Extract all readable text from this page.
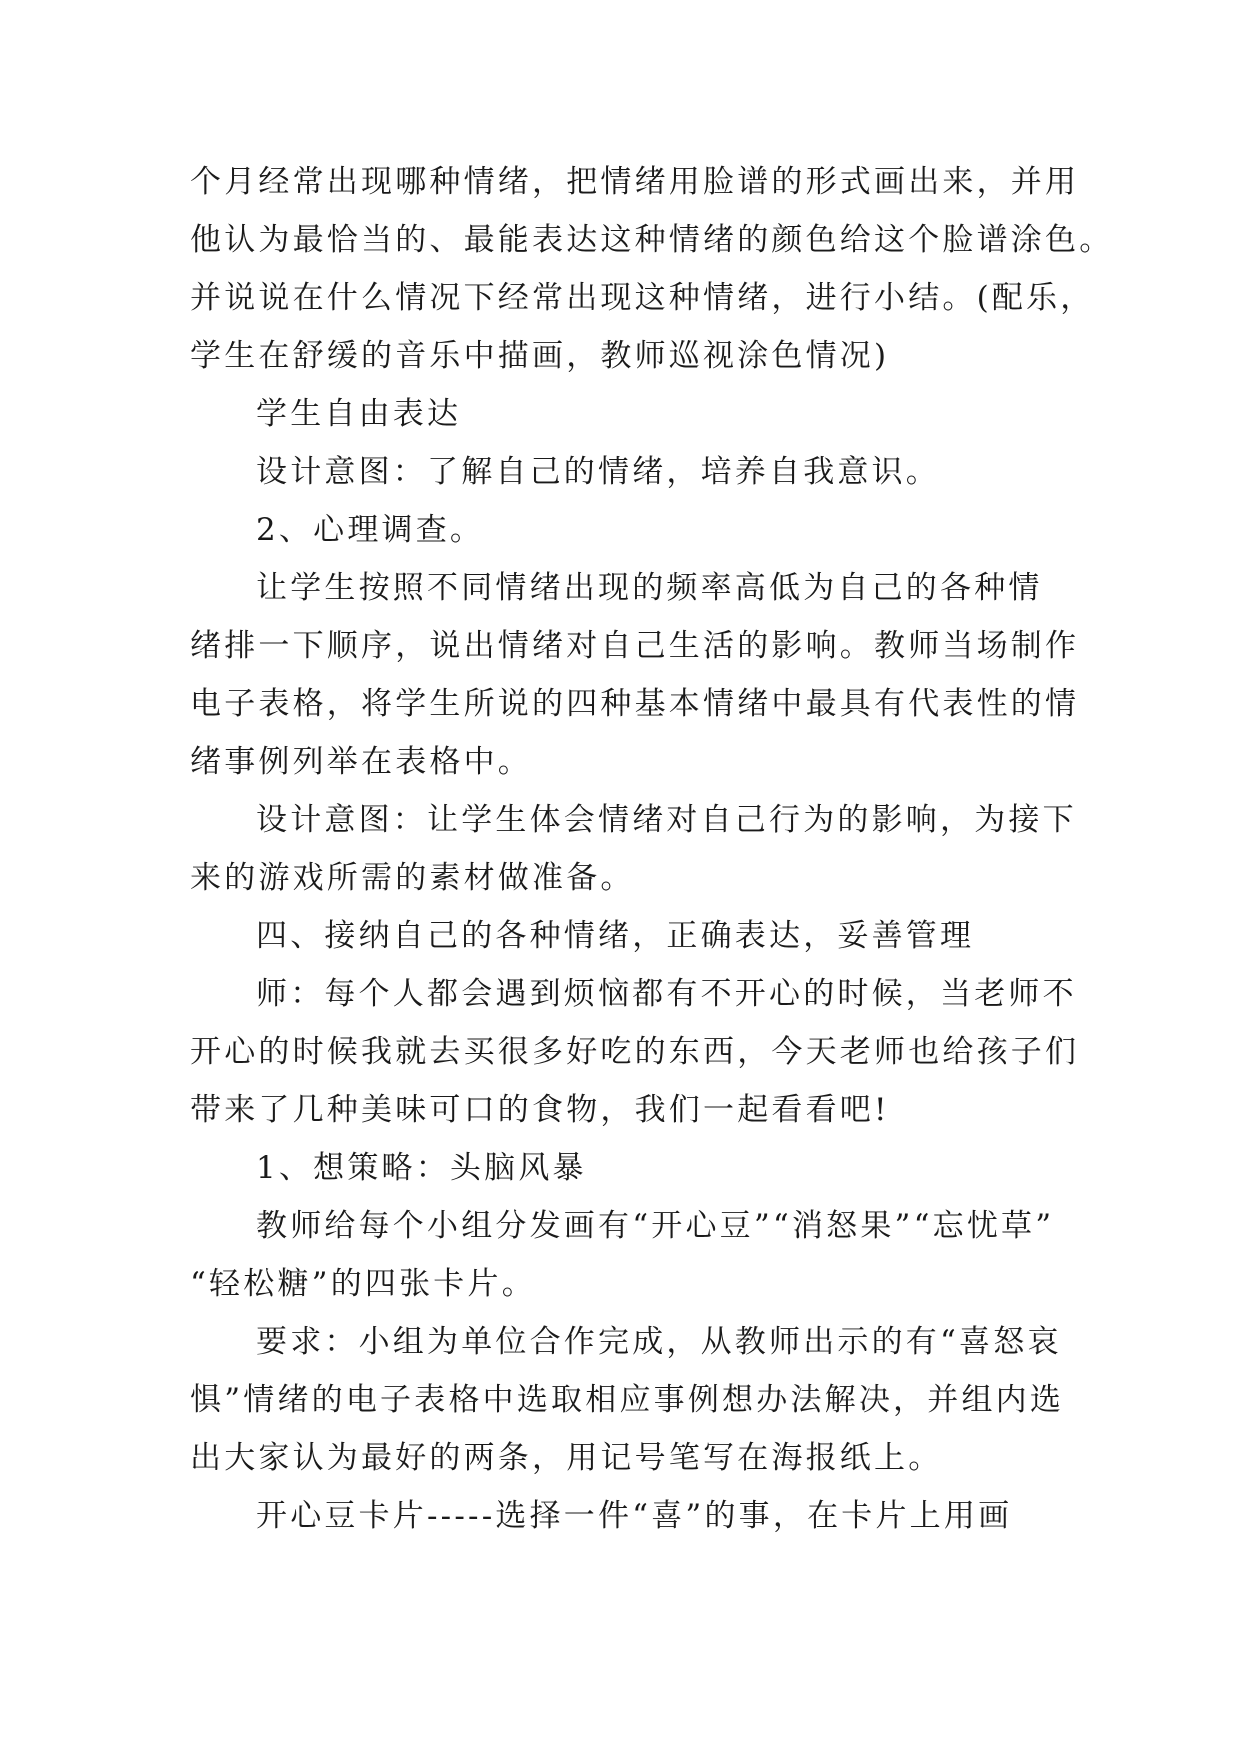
个月经常出现哪种情绪，把情绪用脸谱的形式画出来，并用
他认为最恰当的、最能表达这种情绪的颜色给这个脸谱涂色。
并说说在什么情况下经常出现这种情绪，进行小结。(配乐，
学生在舒缓的音乐中描画，教师巡视涂色情况)
学生自由表达
设计意图：了解自己的情绪，培养自我意识。
2、心理调查。
让学生按照不同情绪出现的频率高低为自己的各种情
绪排一下顺序，说出情绪对自己生活的影响。教师当场制作
电子表格，将学生所说的四种基本情绪中最具有代表性的情
绪事例列举在表格中。
设计意图：让学生体会情绪对自己行为的影响，为接下
来的游戏所需的素材做准备。
四、接纳自己的各种情绪，正确表达，妥善管理
师：每个人都会遇到烦恼都有不开心的时候，当老师不
开心的时候我就去买很多好吃的东西，今天老师也给孩子们
带来了几种美味可口的食物，我们一起看看吧!
1、想策略：头脑风暴
教师给每个小组分发画有“开心豆”“消怒果”“忘忧草”
“轻松糖”的四张卡片。
要求：小组为单位合作完成，从教师出示的有“喜怒哀
惧”情绪的电子表格中选取相应事例想办法解决，并组内选
出大家认为最好的两条，用记号笔写在海报纸上。
开心豆卡片-----选择一件“喜”的事，在卡片上用画
